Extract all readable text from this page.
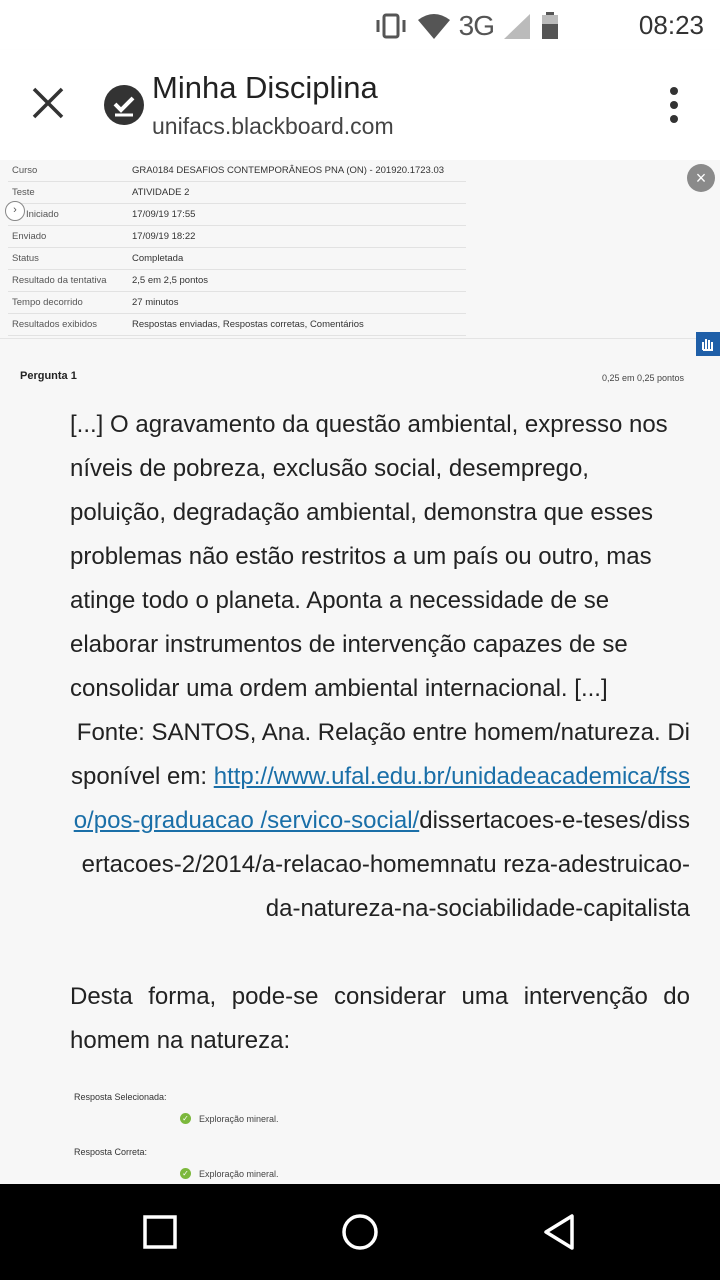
3G	08:23
Minha Disciplina
unifacs.blackboard.com
Curso	GRA0184 DESAFIOS CONTEMPORÂNEOS PNA (ON) - 201920.1723.03
Teste	ATIVIDADE 2
Iniciado	17/09/19 17:55
Enviado	17/09/19 18:22
Status	Completada
Resultado da tentativa	2,5 em 2,5 pontos
Tempo decorrido	27 minutos
Resultados exibidos	Respostas enviadas, Respostas corretas, Comentários
›
×
Pergunta 1	0,25 em 0,25 pontos

[...] O agravamento da questão ambiental, expresso nos níveis de pobreza, exclusão social, desemprego, poluição, degradação ambiental, demonstra que esses problemas não estão restritos a um país ou outro, mas atinge todo o planeta. Aponta a necessidade de se elaborar instrumentos de intervenção capazes de se consolidar uma ordem ambiental internacional. [...]

Fonte: SANTOS, Ana. Relação entre homem/natureza. Disponível em: http://www.ufal.edu.br/unidadeacademica/fsso/pos-graduacao /servico-social/dissertacoes-e-teses/dissertacoes-2/2014/a-relacao-homemnatu reza-adestruicao-da-natureza-na-sociabilidade-capitalista

Desta forma, pode-se considerar uma intervenção do homem na natureza:

Resposta Selecionada:
✓ Exploração mineral.
Resposta Correta:
✓ Exploração mineral.
